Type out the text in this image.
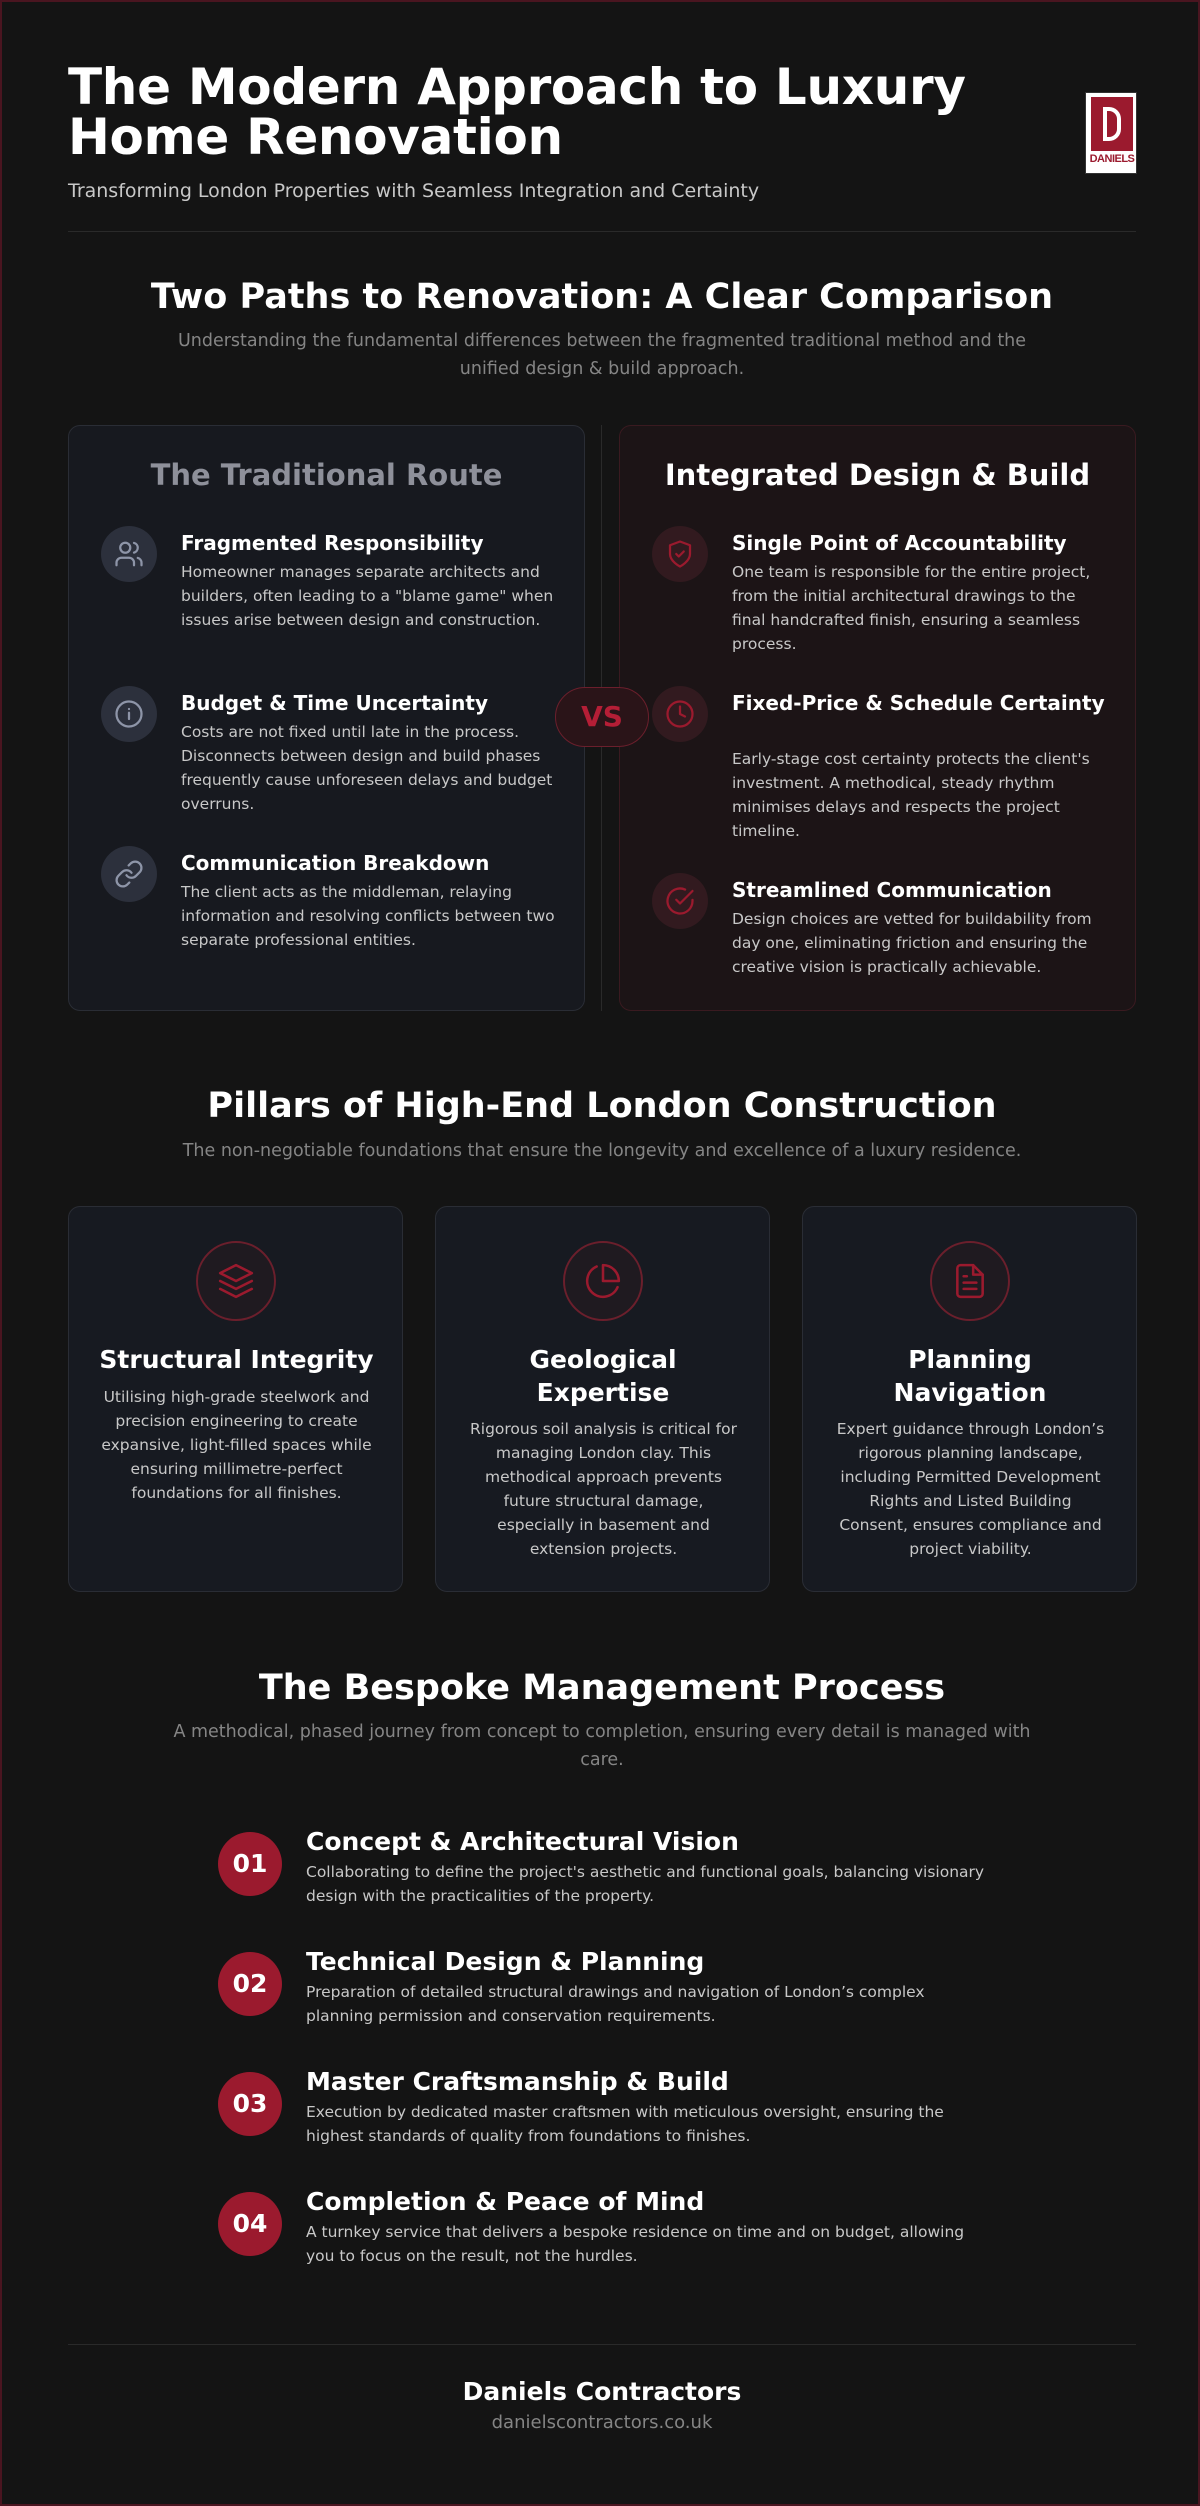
The Modern Approach to Luxury Home Renovation
Transforming London Properties with Seamless Integration and Certainty
DANIELS
Two Paths to Renovation: A Clear Comparison

Understanding the fundamental differences between the fragmented traditional method and the unified design & build approach.

The Traditional Route
Fragmented Responsibility
Homeowner manages separate architects and builders, often leading to a "blame game" when issues arise between design and construction.
Budget & Time Uncertainty
Costs are not fixed until late in the process. Disconnects between design and build phases frequently cause unforeseen delays and budget overruns.
Communication Breakdown
The client acts as the middleman, relaying information and resolving conflicts between two separate professional entities.
Integrated Design & Build
Single Point of Accountability
One team is responsible for the entire project, from the initial architectural drawings to the final handcrafted finish, ensuring a seamless process.
Fixed-Price & Schedule Certainty
Early-stage cost certainty protects the client's investment. A methodical, steady rhythm minimises delays and respects the project timeline.
Streamlined Communication
Design choices are vetted for buildability from day one, eliminating friction and ensuring the creative vision is practically achievable.
VS
Pillars of High-End London Construction

The non-negotiable foundations that ensure the longevity and excellence of a luxury residence.

Structural Integrity
Utilising high-grade steelwork and precision engineering to create expansive, light-filled spaces while ensuring millimetre-perfect foundations for all finishes.
Geological Expertise
Rigorous soil analysis is critical for managing London clay. This methodical approach prevents future structural damage, especially in basement and extension projects.
Planning Navigation
Expert guidance through London’s rigorous planning landscape, including Permitted Development Rights and Listed Building Consent, ensures compliance and project viability.
The Bespoke Management Process

A methodical, phased journey from concept to completion, ensuring every detail is managed with care.

01
Concept & Architectural Vision
Collaborating to define the project's aesthetic and functional goals, balancing visionary design with the practicalities of the property.
02
Technical Design & Planning
Preparation of detailed structural drawings and navigation of London’s complex planning permission and conservation requirements.
03
Master Craftsmanship & Build
Execution by dedicated master craftsmen with meticulous oversight, ensuring the highest standards of quality from foundations to finishes.
04
Completion & Peace of Mind
A turnkey service that delivers a bespoke residence on time and on budget, allowing you to focus on the result, not the hurdles.
Daniels Contractors
danielscontractors.co.uk
